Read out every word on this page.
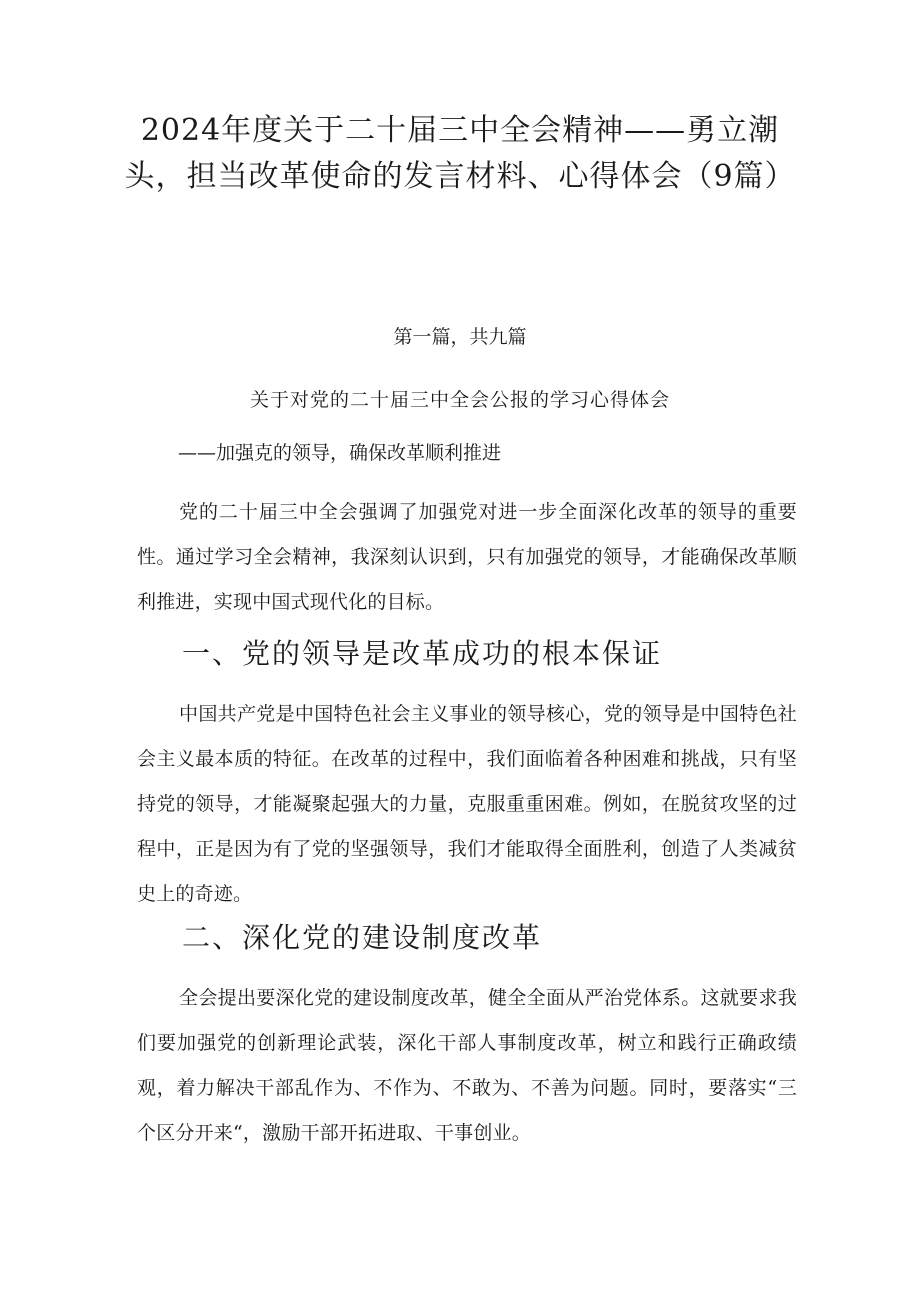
2024年度关于二十届三中全会精神——勇立潮头，担当改革使命的发言材料、心得体会（9篇）

第一篇，共九篇

关于对党的二十届三中全会公报的学习心得体会

——加强克的领导，确保改革顺利推进

党的二十届三中全会强调了加强党对进一步全面深化改革的领导的重要性。通过学习全会精神，我深刻认识到，只有加强党的领导，才能确保改革顺利推进，实现中国式现代化的目标。

一、党的领导是改革成功的根本保证

中国共产党是中国特色社会主义事业的领导核心，党的领导是中国特色社会主义最本质的特征。在改革的过程中，我们面临着各种困难和挑战，只有坚持党的领导，才能凝聚起强大的力量，克服重重困难。例如，在脱贫攻坚的过程中，正是因为有了党的坚强领导，我们才能取得全面胜利，创造了人类减贫史上的奇迹。

二、深化党的建设制度改革

全会提出要深化党的建设制度改革，健全全面从严治党体系。这就要求我们要加强党的创新理论武装，深化干部人事制度改革，树立和践行正确政绩观，着力解决干部乱作为、不作为、不敢为、不善为问题。同时，要落实“三个区分开来“，激励干部开拓进取、干事创业。
